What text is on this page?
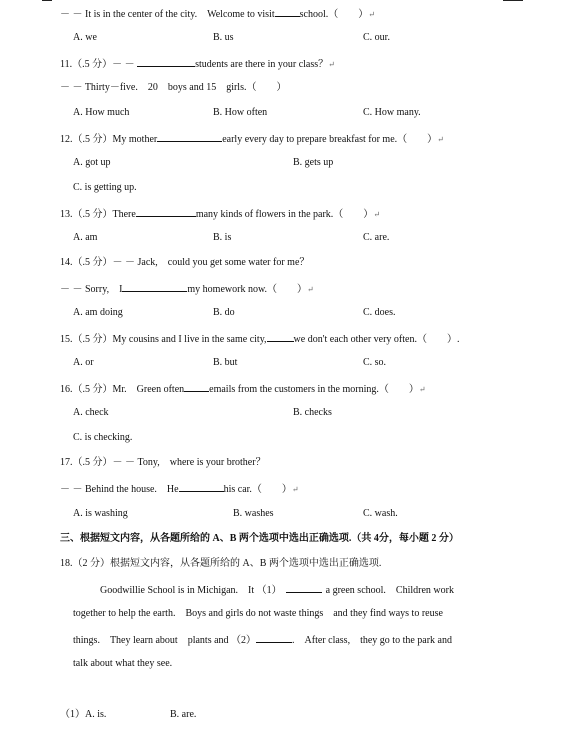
－ － It is in the center of the city.　Welcome to visit	school.（　　）↵
A. we	B. us	C. our.
11.（.5 分）－ －	students are there in your class？↵
－ － Thirty－five.　20　boys and 15　girls.（　　）
A. How much	B. How often	C. How many.
12.（.5 分）My mother	early every day to prepare breakfast for me.（　　）↵
A. got up	B. gets up
C. is getting up.
13.（.5 分）There	many kinds of flowers in the park.（　　）↵
A. am	B. is	C. are.
14.（.5 分）－ － Jack,　could you get some water for me？
－ － Sorry,　I	my homework now.（　　）↵
A. am doing	B. do	C. does.
15.（.5 分）My cousins and I live in the same city,	we don't each other very often.（　　）.
A. or	B. but	C. so.
16.（.5 分）Mr.　Green often	emails from the customers in the morning.（　　）↵
A. check	B. checks
C. is checking.
17.（.5 分）－ － Tony,　where is your brother？
－ － Behind the house.　He	his car.（　　）↵
A. is washing	B. washes	C. wash.
三、根据短文内容，从各题所给的 A、B 两个选项中选出正确选项.（共 4分，每小题 2 分）
18.（2 分）根据短文内容，从各题所给的 A、B 两个选项中选出正确选项.
Goodwillie School is in Michigan.　It （1）	a green school.　Children work
together to help the earth.　Boys and girls do not waste things　and they find ways to reuse
things.　They learn about　plants and （2）	.　After class,　they go to the park and
talk about what they see.
（1）A. is.	B. are.
